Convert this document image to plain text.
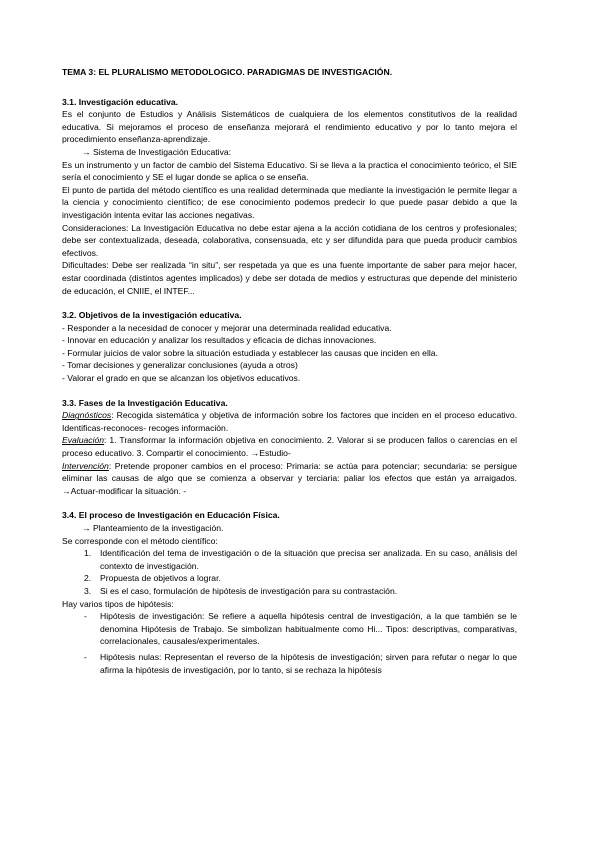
TEMA 3: EL PLURALISMO METODOLOGICO. PARADIGMAS DE INVESTIGACIÓN.
3.1. Investigación educativa.

Es el conjunto de Estudios y Análisis Sistemáticos de cualquiera de los elementos constitutivos de la realidad educativa. Si mejoramos el proceso de enseñanza mejorará el rendimiento educativo y por lo tanto mejora el procedimiento enseñanza-aprendizaje.

→ Sistema de Investigación Educativa:

Es un instrumento y un factor de cambio del Sistema Educativo. Si se lleva a la practica el conocimiento teórico, el SIE sería el conocimiento y SE el lugar donde se aplica o se enseña.

El punto de partida del método científico es una realidad determinada que mediante la investigación le permite llegar a la ciencia y conocimiento científico; de ese conocimiento podemos predecir lo que puede pasar debido a que la investigación intenta evitar las acciones negativas.

Consideraciones: La Investigación Educativa no debe estar ajena a la acción cotidiana de los centros y profesionales; debe ser contextualizada, deseada, colaborativa, consensuada, etc y ser difundida para que pueda producir cambios efectivos.

Dificultades: Debe ser realizada “in situ”, ser respetada ya que es una fuente importante de saber para mejor hacer, estar coordinada (distintos agentes implicados) y debe ser dotada de medios y estructuras que depende del ministerio de educación, el CNIIE, el INTEF...

3.2. Objetivos de la investigación educativa.

- Responder a la necesidad de conocer y mejorar una determinada realidad educativa.

- Innovar en educación y analizar los resultados y eficacia de dichas innovaciones.

- Formular juicios de valor sobre la situación estudiada y establecer las causas que inciden en ella.

- Tomar decisiones y generalizar conclusiones (ayuda a otros)

- Valorar el grado en que se alcanzan los objetivos educativos.

3.3. Fases de la Investigación Educativa.

Diagnósticos: Recogida sistemática y objetiva de información sobre los factores que inciden en el proceso educativo. Identificas-reconoces- recoges información.

Evaluación: 1. Transformar la información objetiva en conocimiento. 2. Valorar si se producen fallos o carencias en el proceso educativo. 3. Compartir el conocimiento. →Estudio-

Intervención: Pretende proponer cambios en el proceso: Primaria: se actúa para potenciar; secundaria: se persigue eliminar las causas de algo que se comienza a observar y terciaria: paliar los efectos que están ya arraigados. →Actuar-modificar la situación. -

3.4. El proceso de Investigación en Educación Física.
→ Planteamiento de la investigación.

Se corresponde con el método científico:

1. Identificación del tema de investigación o de la situación que precisa ser analizada. En su caso, análisis del contexto de investigación.
2. Propuesta de objetivos a lograr.
3. Si es el caso, formulación de hipótesis de investigación para su contrastación.

Hay varios tipos de hipótesis:

- Hipótesis de investigación: Se refiere a aquella hipótesis central de investigación, a la que también se le denomina Hipótesis de Trabajo. Se simbolizan habitualmente como Hi... Tipos: descriptivas, comparativas, correlacionales, causales/experimentales.
- Hipótesis nulas: Representan el reverso de la hipótesis de investigación; sirven para refutar o negar lo que afirma la hipótesis de investigación, por lo tanto, si se rechaza la hipótesis
